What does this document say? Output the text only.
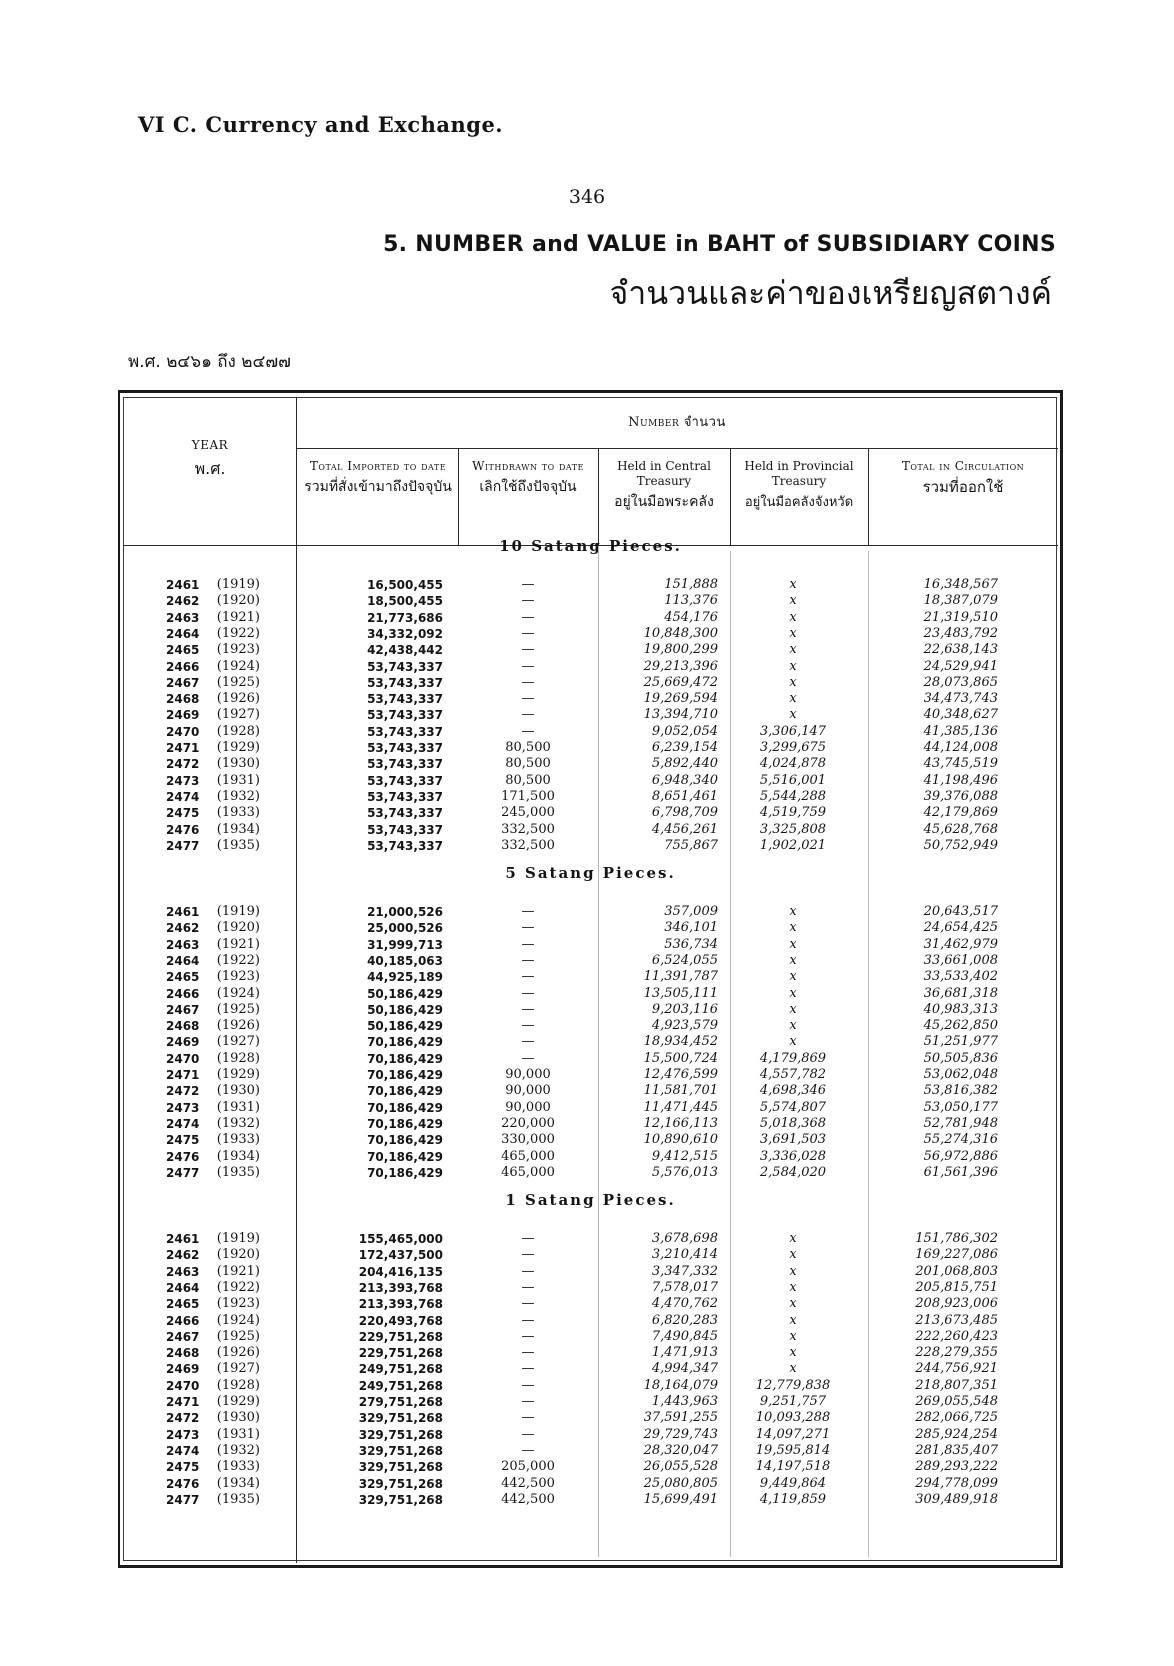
VI C. Currency and Exchange.
346
5. NUMBER and VALUE in BAHT of SUBSIDIARY COINS
จำนวนและค่าของเหรียญสตางค์
พ.ศ. ๒๔๖๑ ถึง ๒๔๗๗
YEAR
พ.ศ.
Number จำนวน
Total Imported to date
รวมที่สั่งเข้ามาถึงปัจจุบัน
Withdrawn to date
เลิกใช้ถึงปัจจุบัน
Held in Central Treasury
อยู่ในมือพระคลัง
Held in Provincial Treasury
อยู่ในมือคลังจังหวัด
Total in Circulation
รวมที่ออกใช้
10 Satang Pieces.
2461	(1919)	16,500,455	—	151,888	x	16,348,567
2462	(1920)	18,500,455	—	113,376	x	18,387,079
2463	(1921)	21,773,686	—	454,176	x	21,319,510
2464	(1922)	34,332,092	—	10,848,300	x	23,483,792
2465	(1923)	42,438,442	—	19,800,299	x	22,638,143
2466	(1924)	53,743,337	—	29,213,396	x	24,529,941
2467	(1925)	53,743,337	—	25,669,472	x	28,073,865
2468	(1926)	53,743,337	—	19,269,594	x	34,473,743
2469	(1927)	53,743,337	—	13,394,710	x	40,348,627
2470	(1928)	53,743,337	—	9,052,054	3,306,147	41,385,136
2471	(1929)	53,743,337	80,500	6,239,154	3,299,675	44,124,008
2472	(1930)	53,743,337	80,500	5,892,440	4,024,878	43,745,519
2473	(1931)	53,743,337	80,500	6,948,340	5,516,001	41,198,496
2474	(1932)	53,743,337	171,500	8,651,461	5,544,288	39,376,088
2475	(1933)	53,743,337	245,000	6,798,709	4,519,759	42,179,869
2476	(1934)	53,743,337	332,500	4,456,261	3,325,808	45,628,768
2477	(1935)	53,743,337	332,500	755,867	1,902,021	50,752,949
5 Satang Pieces.
2461	(1919)	21,000,526	—	357,009	x	20,643,517
2462	(1920)	25,000,526	—	346,101	x	24,654,425
2463	(1921)	31,999,713	—	536,734	x	31,462,979
2464	(1922)	40,185,063	—	6,524,055	x	33,661,008
2465	(1923)	44,925,189	—	11,391,787	x	33,533,402
2466	(1924)	50,186,429	—	13,505,111	x	36,681,318
2467	(1925)	50,186,429	—	9,203,116	x	40,983,313
2468	(1926)	50,186,429	—	4,923,579	x	45,262,850
2469	(1927)	70,186,429	—	18,934,452	x	51,251,977
2470	(1928)	70,186,429	—	15,500,724	4,179,869	50,505,836
2471	(1929)	70,186,429	90,000	12,476,599	4,557,782	53,062,048
2472	(1930)	70,186,429	90,000	11,581,701	4,698,346	53,816,382
2473	(1931)	70,186,429	90,000	11,471,445	5,574,807	53,050,177
2474	(1932)	70,186,429	220,000	12,166,113	5,018,368	52,781,948
2475	(1933)	70,186,429	330,000	10,890,610	3,691,503	55,274,316
2476	(1934)	70,186,429	465,000	9,412,515	3,336,028	56,972,886
2477	(1935)	70,186,429	465,000	5,576,013	2,584,020	61,561,396
1 Satang Pieces.
2461	(1919)	155,465,000	—	3,678,698	x	151,786,302
2462	(1920)	172,437,500	—	3,210,414	x	169,227,086
2463	(1921)	204,416,135	—	3,347,332	x	201,068,803
2464	(1922)	213,393,768	—	7,578,017	x	205,815,751
2465	(1923)	213,393,768	—	4,470,762	x	208,923,006
2466	(1924)	220,493,768	—	6,820,283	x	213,673,485
2467	(1925)	229,751,268	—	7,490,845	x	222,260,423
2468	(1926)	229,751,268	—	1,471,913	x	228,279,355
2469	(1927)	249,751,268	—	4,994,347	x	244,756,921
2470	(1928)	249,751,268	—	18,164,079	12,779,838	218,807,351
2471	(1929)	279,751,268	—	1,443,963	9,251,757	269,055,548
2472	(1930)	329,751,268	—	37,591,255	10,093,288	282,066,725
2473	(1931)	329,751,268	—	29,729,743	14,097,271	285,924,254
2474	(1932)	329,751,268	—	28,320,047	19,595,814	281,835,407
2475	(1933)	329,751,268	205,000	26,055,528	14,197,518	289,293,222
2476	(1934)	329,751,268	442,500	25,080,805	9,449,864	294,778,099
2477	(1935)	329,751,268	442,500	15,699,491	4,119,859	309,489,918
